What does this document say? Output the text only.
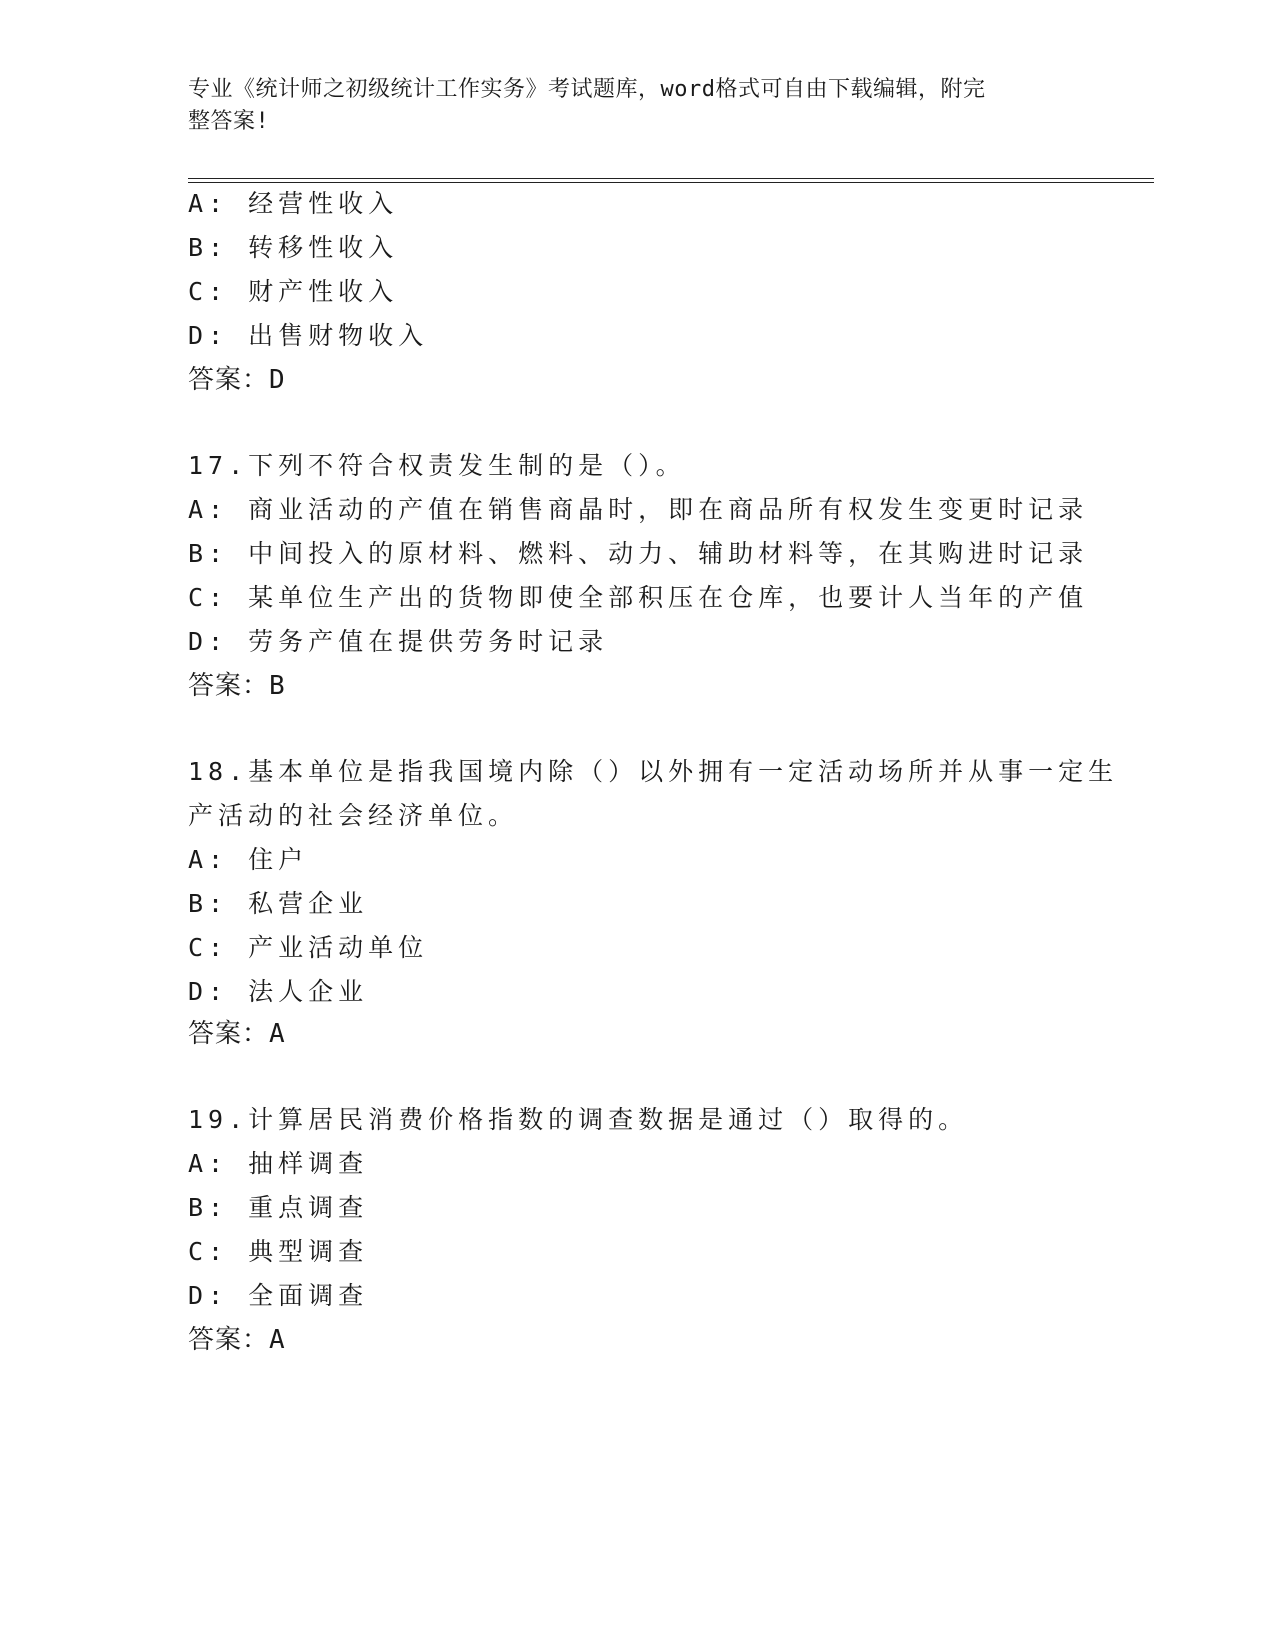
专业《统计师之初级统计工作实务》考试题库，word格式可自由下载编辑，附完
整答案!
A: 经营性收入
B: 转移性收入
C: 财产性收入
D: 出售财物收入
答案：D
17.下列不符合权责发生制的是（）。
A: 商业活动的产值在销售商晶时，即在商品所有权发生变更时记录
B: 中间投入的原材料、燃料、动力、辅助材料等，在其购进时记录
C: 某单位生产出的货物即使全部积压在仓库，也要计人当年的产值
D: 劳务产值在提供劳务时记录
答案：B
18.基本单位是指我国境内除（）以外拥有一定活动场所并从事一定生
产活动的社会经济单位。
A: 住户
B: 私营企业
C: 产业活动单位
D: 法人企业
答案：A
19.计算居民消费价格指数的调查数据是通过（）取得的。
A: 抽样调查
B: 重点调查
C: 典型调查
D: 全面调查
答案：A
